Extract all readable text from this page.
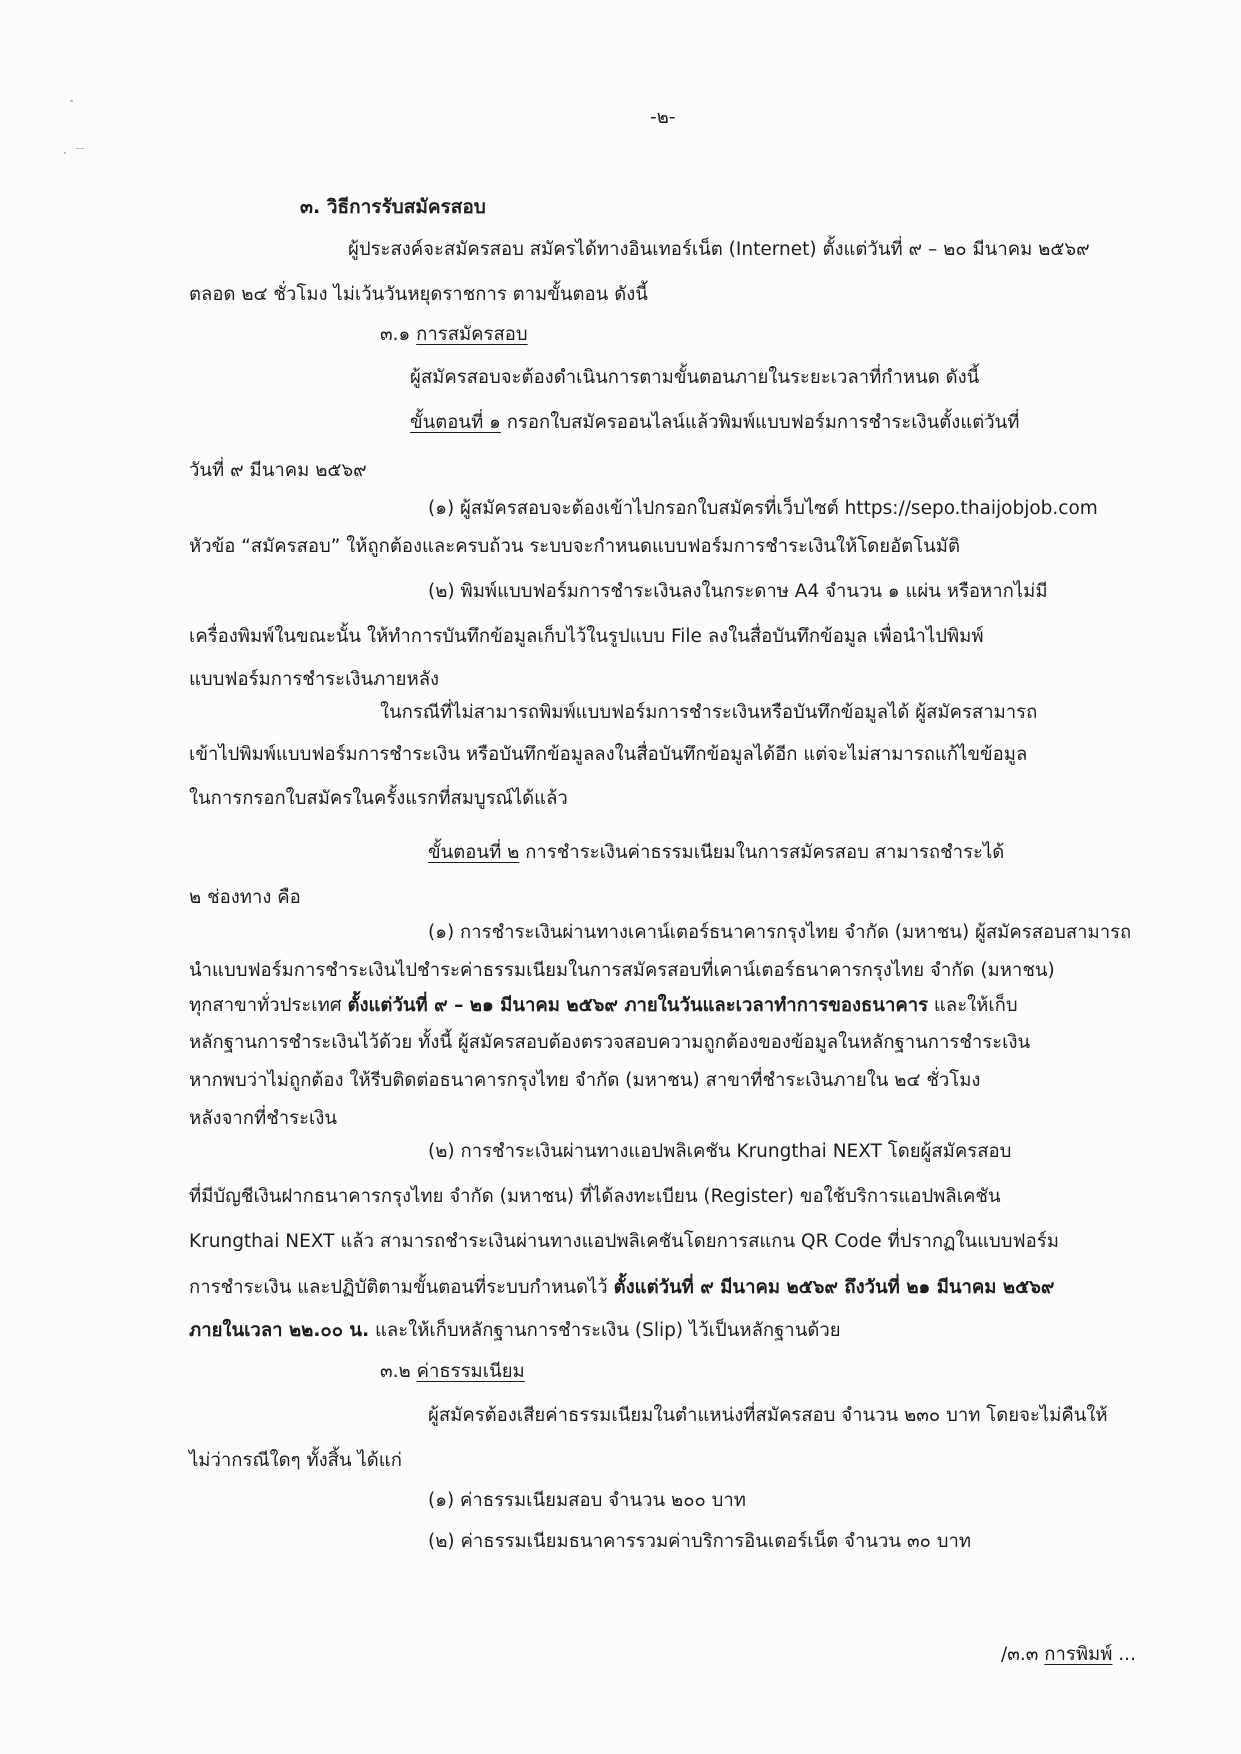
-๒-
๓. วิธีการรับสมัครสอบ
ผู้ประสงค์จะสมัครสอบ สมัครได้ทางอินเทอร์เน็ต (Internet) ตั้งแต่วันที่ ๙ – ๒๐ มีนาคม ๒๕๖๙
ตลอด ๒๔ ชั่วโมง ไม่เว้นวันหยุดราชการ ตามขั้นตอน ดังนี้
๓.๑ การสมัครสอบ
ผู้สมัครสอบจะต้องดำเนินการตามขั้นตอนภายในระยะเวลาที่กำหนด ดังนี้
ขั้นตอนที่ ๑ กรอกใบสมัครออนไลน์แล้วพิมพ์แบบฟอร์มการชำระเงินตั้งแต่วันที่
วันที่ ๙ มีนาคม ๒๕๖๙
(๑) ผู้สมัครสอบจะต้องเข้าไปกรอกใบสมัครที่เว็บไซต์ https://sepo.thaijobjob.com
หัวข้อ “สมัครสอบ” ให้ถูกต้องและครบถ้วน ระบบจะกำหนดแบบฟอร์มการชำระเงินให้โดยอัตโนมัติ
(๒) พิมพ์แบบฟอร์มการชำระเงินลงในกระดาษ A4 จำนวน ๑ แผ่น หรือหากไม่มี
เครื่องพิมพ์ในขณะนั้น ให้ทำการบันทึกข้อมูลเก็บไว้ในรูปแบบ File ลงในสื่อบันทึกข้อมูล เพื่อนำไปพิมพ์
แบบฟอร์มการชำระเงินภายหลัง
ในกรณีที่ไม่สามารถพิมพ์แบบฟอร์มการชำระเงินหรือบันทึกข้อมูลได้ ผู้สมัครสามารถ
เข้าไปพิมพ์แบบฟอร์มการชำระเงิน หรือบันทึกข้อมูลลงในสื่อบันทึกข้อมูลได้อีก แต่จะไม่สามารถแก้ไขข้อมูล
ในการกรอกใบสมัครในครั้งแรกที่สมบูรณ์ได้แล้ว
ขั้นตอนที่ ๒ การชำระเงินค่าธรรมเนียมในการสมัครสอบ สามารถชำระได้
๒ ช่องทาง คือ
(๑) การชำระเงินผ่านทางเคาน์เตอร์ธนาคารกรุงไทย จำกัด (มหาชน) ผู้สมัครสอบสามารถ
นำแบบฟอร์มการชำระเงินไปชำระค่าธรรมเนียมในการสมัครสอบที่เคาน์เตอร์ธนาคารกรุงไทย จำกัด (มหาชน)
ทุกสาขาทั่วประเทศ ตั้งแต่วันที่ ๙ – ๒๑ มีนาคม ๒๕๖๙ ภายในวันและเวลาทำการของธนาคาร และให้เก็บ
หลักฐานการชำระเงินไว้ด้วย ทั้งนี้ ผู้สมัครสอบต้องตรวจสอบความถูกต้องของข้อมูลในหลักฐานการชำระเงิน
หากพบว่าไม่ถูกต้อง ให้รีบติดต่อธนาคารกรุงไทย จำกัด (มหาชน) สาขาที่ชำระเงินภายใน ๒๔ ชั่วโมง
หลังจากที่ชำระเงิน
(๒) การชำระเงินผ่านทางแอปพลิเคชัน Krungthai NEXT โดยผู้สมัครสอบ
ที่มีบัญชีเงินฝากธนาคารกรุงไทย จำกัด (มหาชน) ที่ได้ลงทะเบียน (Register) ขอใช้บริการแอปพลิเคชัน
Krungthai NEXT แล้ว สามารถชำระเงินผ่านทางแอปพลิเคชันโดยการสแกน QR Code ที่ปรากฏในแบบฟอร์ม
การชำระเงิน และปฏิบัติตามขั้นตอนที่ระบบกำหนดไว้ ตั้งแต่วันที่ ๙ มีนาคม ๒๕๖๙ ถึงวันที่ ๒๑ มีนาคม ๒๕๖๙
ภายในเวลา ๒๒.๐๐ น. และให้เก็บหลักฐานการชำระเงิน (Slip) ไว้เป็นหลักฐานด้วย
๓.๒ ค่าธรรมเนียม
ผู้สมัครต้องเสียค่าธรรมเนียมในตำแหน่งที่สมัครสอบ จำนวน ๒๓๐ บาท โดยจะไม่คืนให้
ไม่ว่ากรณีใดๆ ทั้งสิ้น ได้แก่
(๑) ค่าธรรมเนียมสอบ จำนวน ๒๐๐ บาท
(๒) ค่าธรรมเนียมธนาคารรวมค่าบริการอินเตอร์เน็ต จำนวน ๓๐ บาท
/๓.๓ การพิมพ์ ...
